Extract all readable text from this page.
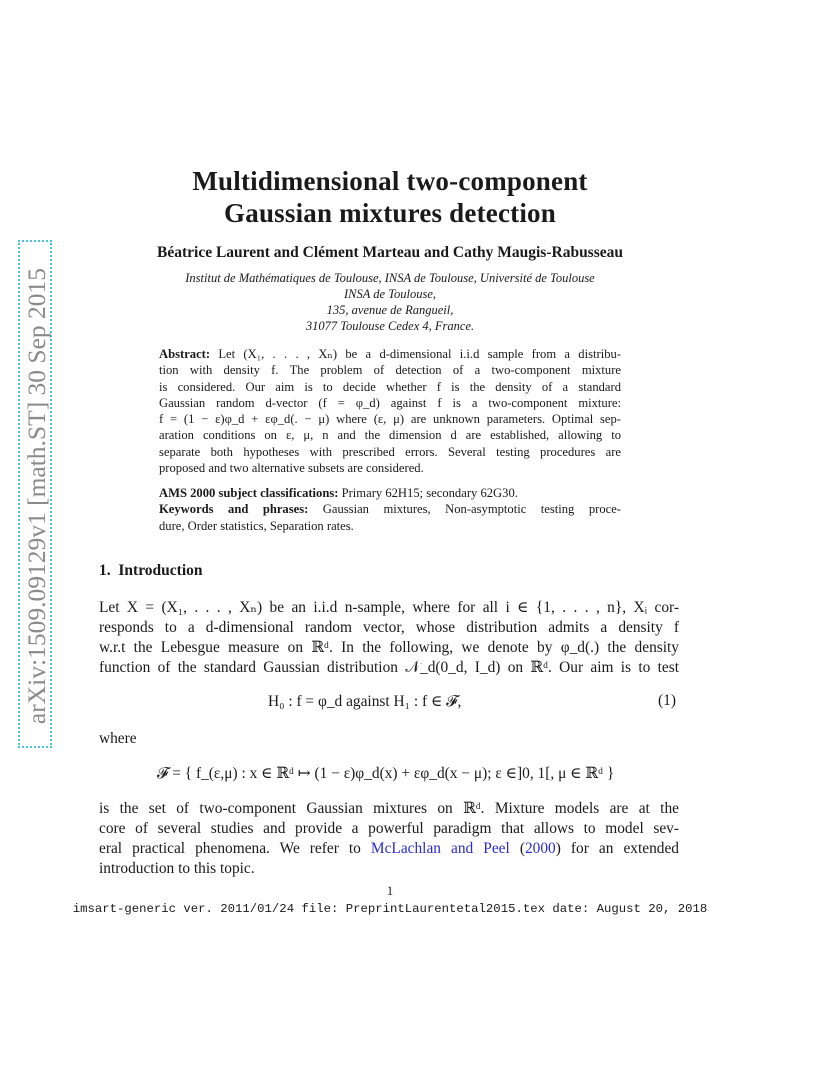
arXiv:1509.09129v1 [math.ST] 30 Sep 2015
Multidimensional two-component
Gaussian mixtures detection
Béatrice Laurent and Clément Marteau and Cathy Maugis-Rabusseau
Institut de Mathématiques de Toulouse, INSA de Toulouse, Université de Toulouse
INSA de Toulouse,
135, avenue de Rangueil,
31077 Toulouse Cedex 4, France.
Abstract: Let (X₁, . . . , Xₙ) be a d-dimensional i.i.d sample from a distribu-
tion with density f. The problem of detection of a two-component mixture
is considered. Our aim is to decide whether f is the density of a standard
Gaussian random d-vector (f = φ_d) against f is a two-component mixture:
f = (1 − ε)φ_d + εφ_d(. − μ) where (ε, μ) are unknown parameters. Optimal sep-
aration conditions on ε, μ, n and the dimension d are established, allowing to
separate both hypotheses with prescribed errors. Several testing procedures are
proposed and two alternative subsets are considered.
AMS 2000 subject classifications: Primary 62H15; secondary 62G30.
Keywords and phrases: Gaussian mixtures, Non-asymptotic testing proce-
dure, Order statistics, Separation rates.
1. Introduction
Let X = (X₁, . . . , Xₙ) be an i.i.d n-sample, where for all i ∈ {1, . . . , n}, Xᵢ cor-
responds to a d-dimensional random vector, whose distribution admits a density f
w.r.t the Lebesgue measure on ℝᵈ. In the following, we denote by φ_d(.) the density
function of the standard Gaussian distribution 𝒩_d(0_d, I_d) on ℝᵈ. Our aim is to test
H₀ : f = φ_d against H₁ : f ∈ 𝓕,	(1)
where
𝓕 = { f_(ε,μ) : x ∈ ℝᵈ ↦ (1 − ε)φ_d(x) + εφ_d(x − μ); ε ∈]0, 1[, μ ∈ ℝᵈ }
is the set of two-component Gaussian mixtures on ℝᵈ. Mixture models are at the
core of several studies and provide a powerful paradigm that allows to model sev-
eral practical phenomena. We refer to McLachlan and Peel (2000) for an extended
introduction to this topic.
1
imsart-generic ver. 2011/01/24 file: PreprintLaurentetal2015.tex date: August 20, 2018
